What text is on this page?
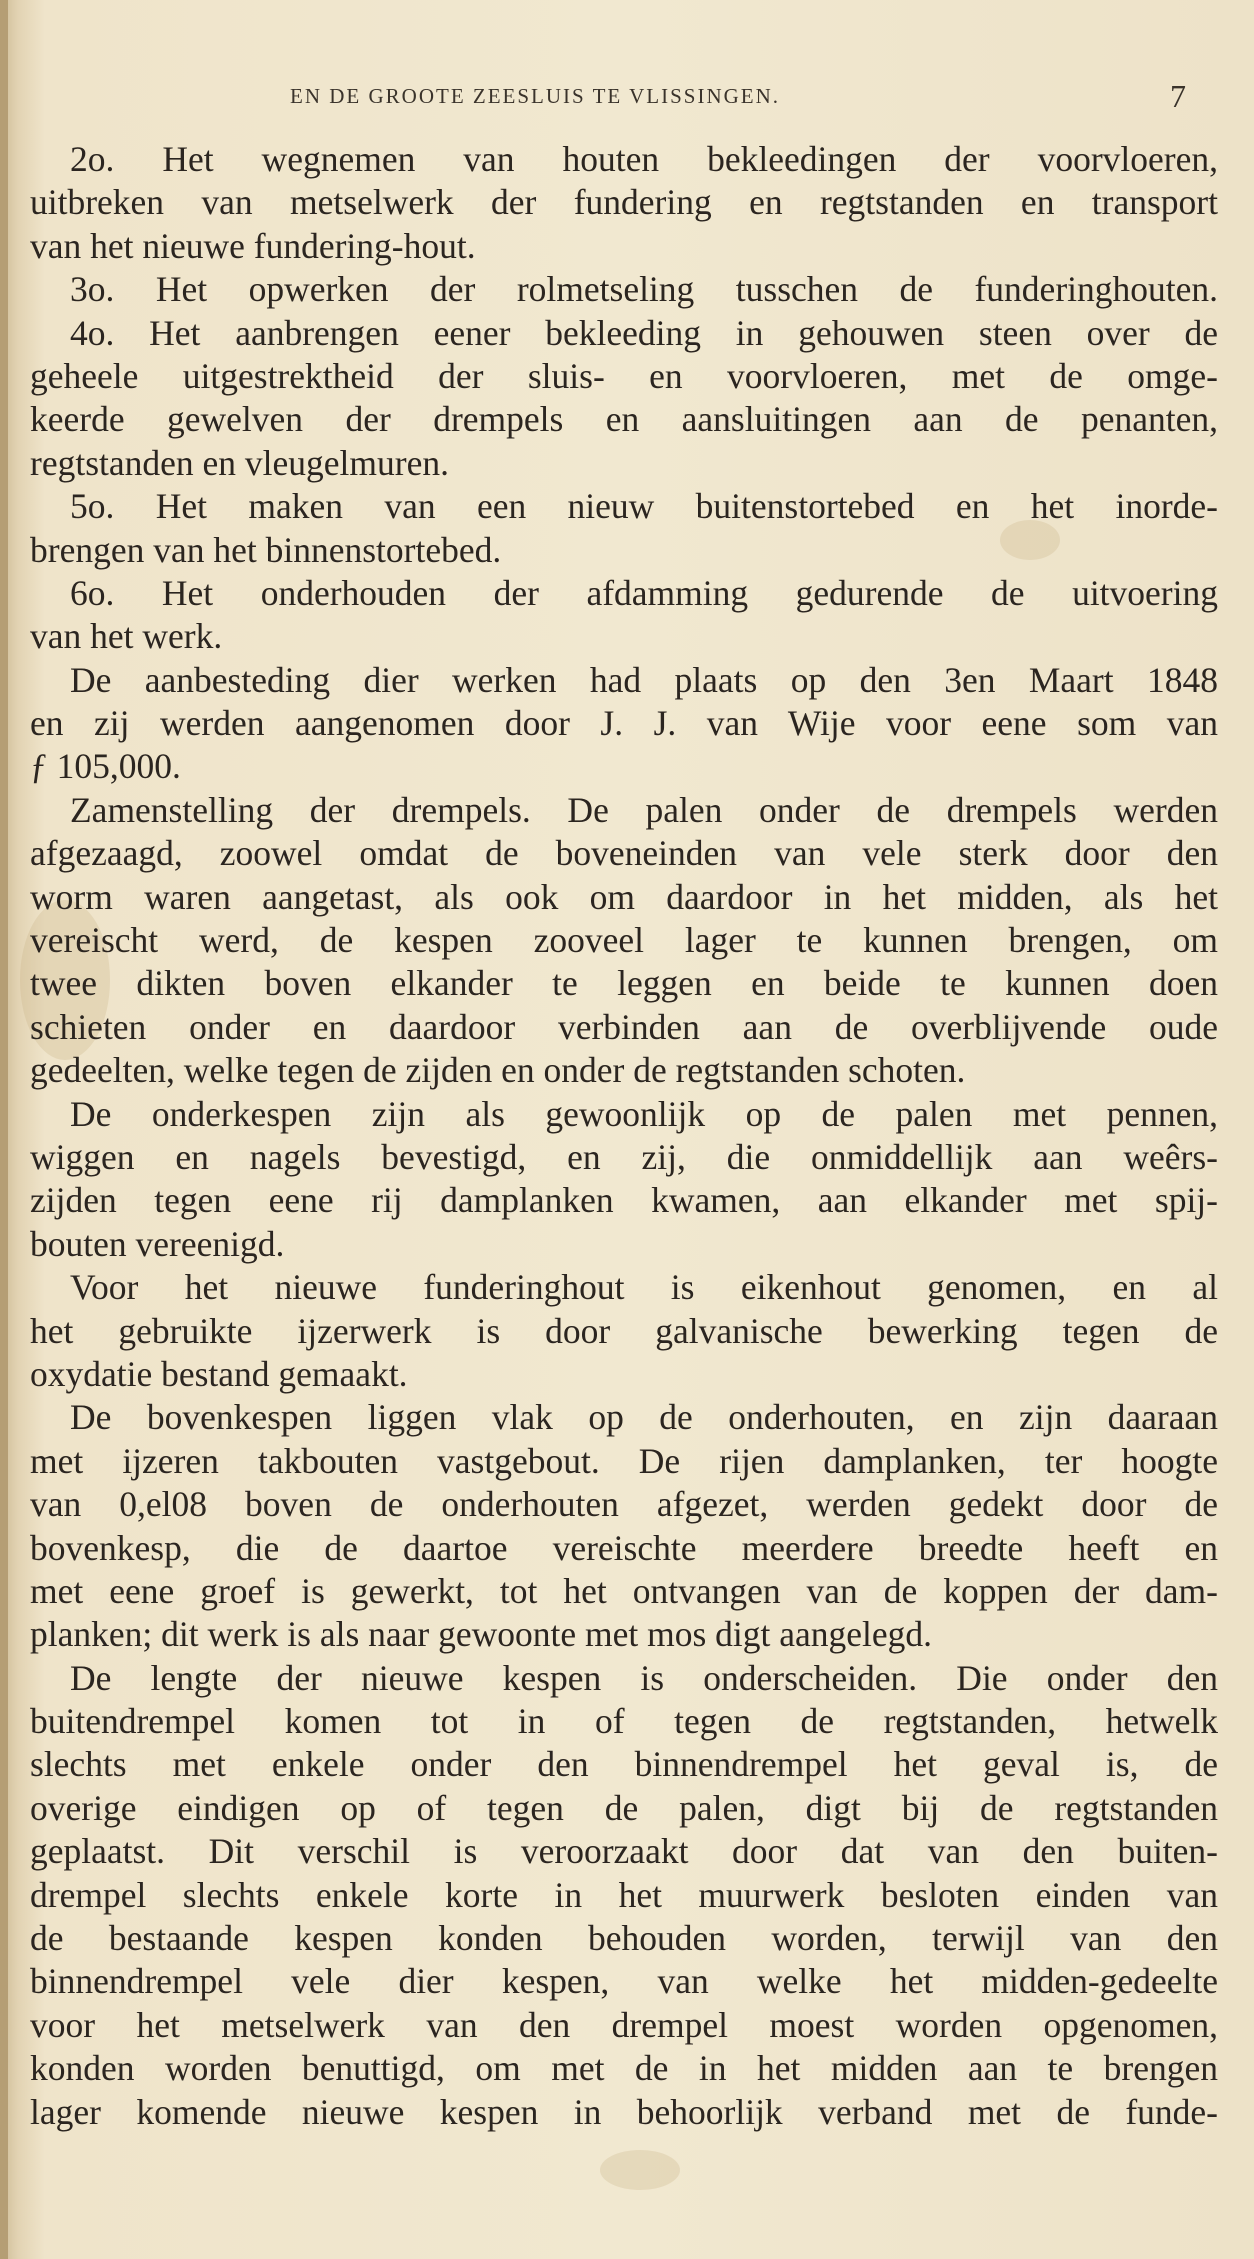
EN DE GROOTE ZEESLUIS TE VLISSINGEN.	7
2o. Het wegnemen van houten bekleedingen der voorvloeren,
uitbreken van metselwerk der fundering en regtstanden en transport
van het nieuwe fundering-hout.
3o. Het opwerken der rolmetseling tusschen de funderinghouten.
4o. Het aanbrengen eener bekleeding in gehouwen steen over de
geheele uitgestrektheid der sluis- en voorvloeren, met de omge-
keerde gewelven der drempels en aansluitingen aan de penanten,
regtstanden en vleugelmuren.
5o. Het maken van een nieuw buitenstortebed en het inorde-
brengen van het binnenstortebed.
6o. Het onderhouden der afdamming gedurende de uitvoering
van het werk.
De aanbesteding dier werken had plaats op den 3en Maart 1848
en zij werden aangenomen door J. J. van Wije voor eene som van
ƒ 105,000.
Zamenstelling der drempels. De palen onder de drempels werden
afgezaagd, zoowel omdat de boveneinden van vele sterk door den
worm waren aangetast, als ook om daardoor in het midden, als het
vereischt werd, de kespen zooveel lager te kunnen brengen, om
twee dikten boven elkander te leggen en beide te kunnen doen
schieten onder en daardoor verbinden aan de overblijvende oude
gedeelten, welke tegen de zijden en onder de regtstanden schoten.
De onderkespen zijn als gewoonlijk op de palen met pennen,
wiggen en nagels bevestigd, en zij, die onmiddellijk aan weêrs-
zijden tegen eene rij damplanken kwamen, aan elkander met spij-
bouten vereenigd.
Voor het nieuwe funderinghout is eikenhout genomen, en al
het gebruikte ijzerwerk is door galvanische bewerking tegen de
oxydatie bestand gemaakt.
De bovenkespen liggen vlak op de onderhouten, en zijn daaraan
met ijzeren takbouten vastgebout. De rijen damplanken, ter hoogte
van 0,el08 boven de onderhouten afgezet, werden gedekt door de
bovenkesp, die de daartoe vereischte meerdere breedte heeft en
met eene groef is gewerkt, tot het ontvangen van de koppen der dam-
planken; dit werk is als naar gewoonte met mos digt aangelegd.
De lengte der nieuwe kespen is onderscheiden. Die onder den
buitendrempel komen tot in of tegen de regtstanden, hetwelk
slechts met enkele onder den binnendrempel het geval is, de
overige eindigen op of tegen de palen, digt bij de regtstanden
geplaatst. Dit verschil is veroorzaakt door dat van den buiten-
drempel slechts enkele korte in het muurwerk besloten einden van
de bestaande kespen konden behouden worden, terwijl van den
binnendrempel vele dier kespen, van welke het midden-gedeelte
voor het metselwerk van den drempel moest worden opgenomen,
konden worden benuttigd, om met de in het midden aan te brengen
lager komende nieuwe kespen in behoorlijk verband met de funde-
